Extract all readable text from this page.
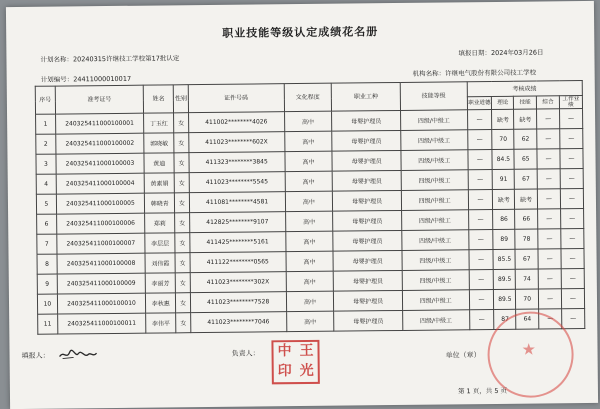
职业技能等级认定成绩花名册
计划名称：20240315许继技工学校第17批认定
填报日期：2024年03月26日
计划编号：24411000010017
机构名称：许继电气股份有限公司技工学校
序号	准考证号	姓名	性别	证件号码	文化程度	职业工种	技能等级	考核成绩				
								职业道德	理论	技能	综合	工作业绩
1	240325411000100001	丁玉红	女	411002********4026	高中	母婴护理员	四级/中级工	—	缺考	缺考	—	—
2	240325411000100002	郭晓敏	女	411023********602X	高中	母婴护理员	四级/中级工	—	70	62	—	—
3	240325411000100003	黄迪	女	411323********3845	高中	母婴护理员	四级/中级工	—	84.5	65	—	—
4	240325411000100004	黄素娟	女	411023********5545	高中	母婴护理员	四级/中级工	—	91	67	—	—
5	240325411000100005	韩晓青	女	411081********4581	高中	母婴护理员	四级/中级工	—	缺考	缺考	—	—
6	240325411000100006	郑莉	女	412825********9107	高中	母婴护理员	四级/中级工	—	86	66	—	—
7	240325411000100007	李层层	女	411425********5161	高中	母婴护理员	四级/中级工	—	89	78	—	—
8	240325411000100008	刘伟霞	女	411122********0565	高中	母婴护理员	四级/中级工	—	85.5	67	—	—
9	240325411000100009	李丽芳	女	411023********302X	高中	母婴护理员	四级/中级工	—	89.5	74	—	—
10	240325411000100010	李秋惠	女	411023********7528	高中	母婴护理员	四级/中级工	—	89.5	70	—	—
11	240325411000100011	李伟平	女	411023********7046	高中	母婴护理员	四级/中级工	—	87	64	—	—
填报人：	负责人： 中 王
印 光
单位（章）
★
第 1 页，共 5 页
